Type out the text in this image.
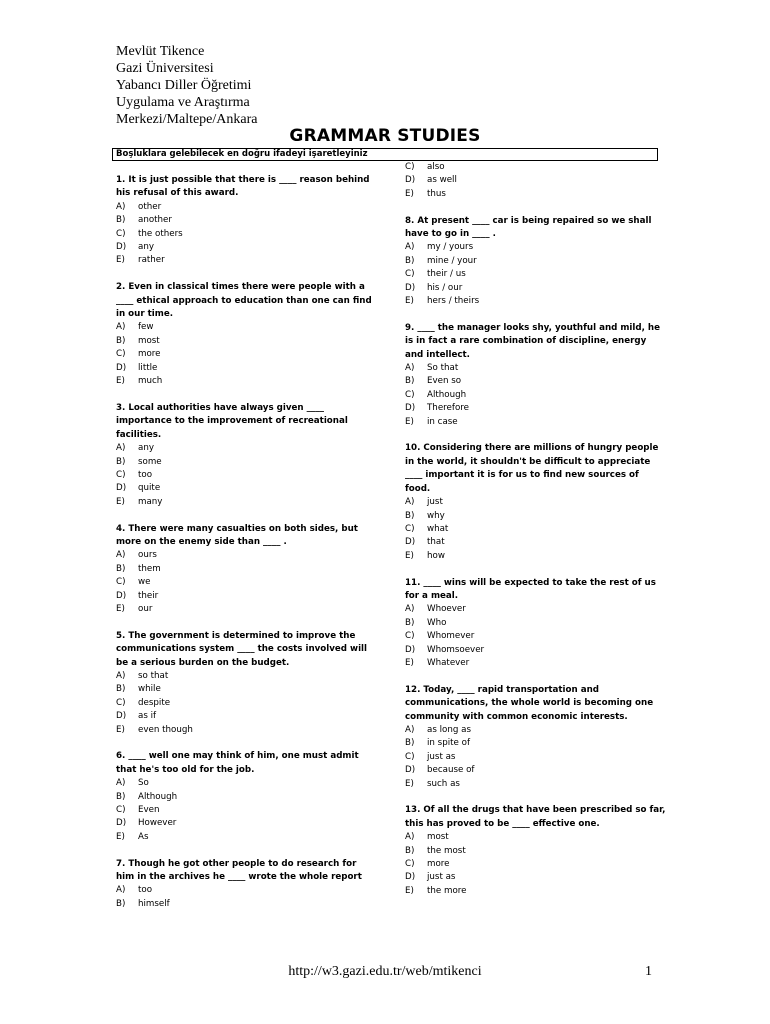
Mevlüt Tikence
Gazi Üniversitesi
Yabancı Diller Öğretimi
Uygulama ve Araştırma
Merkezi/Maltepe/Ankara
GRAMMAR STUDIES
Boşluklara gelebilecek en doğru ifadeyi işaretleyiniz
1. It is just possible that there is ____ reason behind his refusal of this award.
A) other
B) another
C) the others
D) any
E) rather
2. Even in classical times there were people with a ____ ethical approach to education than one can find in our time.
A) few
B) most
C) more
D) little
E) much
3. Local authorities have always given ____ importance to the improvement of recreational facilities.
A) any
B) some
C) too
D) quite
E) many
4. There were many casualties on both sides, but more on the enemy side than ____ .
A) ours
B) them
C) we
D) their
E) our
5. The government is determined to improve the communications system ____ the costs involved will be a serious burden on the budget.
A) so that
B) while
C) despite
D) as if
E) even though
6. ____ well one may think of him, one must admit that he's too old for the job.
A) So
B) Although
C) Even
D) However
E) As
7. Though he got other people to do research for him in the archives he ____ wrote the whole report
A) too
B) himself
C) also
D) as well
E) thus
8. At present ____ car is being repaired so we shall have to go in ____ .
A) my / yours
B) mine / your
C) their / us
D) his / our
E) hers / theirs
9. ____ the manager looks shy, youthful and mild, he is in fact a rare combination of discipline, energy and intellect.
A) So that
B) Even so
C) Although
D) Therefore
E) in case
10. Considering there are millions of hungry people in the world, it shouldn't be difficult to appreciate ____ important it is for us to find new sources of food.
A) just
B) why
C) what
D) that
E) how
11. ____ wins will be expected to take the rest of us for a meal.
A) Whoever
B) Who
C) Whomever
D) Whomsoever
E) Whatever
12. Today, ____ rapid transportation and communications, the whole world is becoming one community with common economic interests.
A) as long as
B) in spite of
C) just as
D) because of
E) such as
13. Of all the drugs that have been prescribed so far, this has proved to be ____ effective one.
A) most
B) the most
C) more
D) just as
E) the more
http://w3.gazi.edu.tr/web/mtikenci	1
